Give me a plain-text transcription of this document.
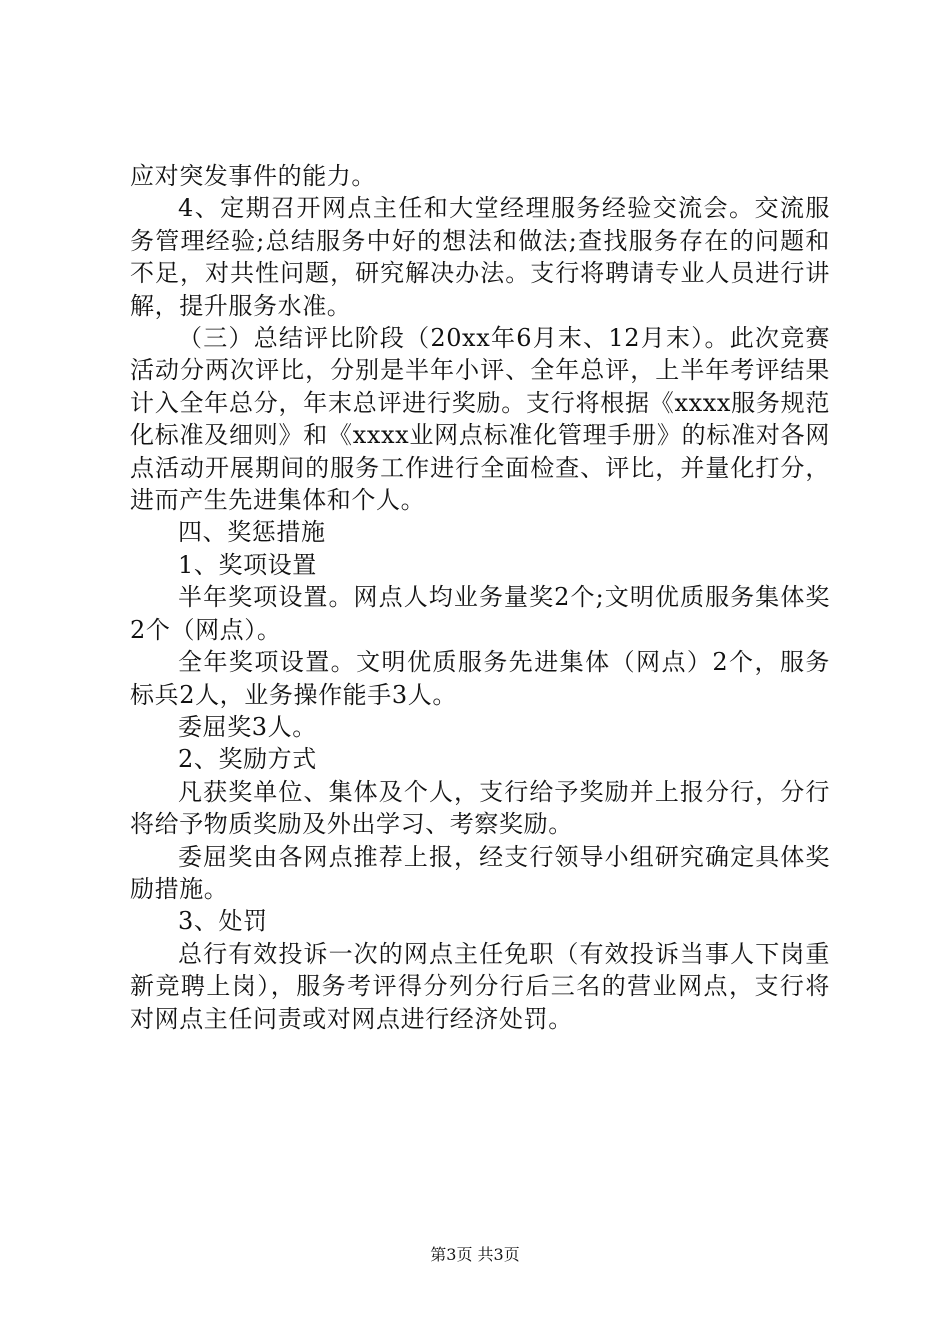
应对突发事件的能力。

4、定期召开网点主任和大堂经理服务经验交流会。交流服务管理经验;总结服务中好的想法和做法;查找服务存在的问题和不足，对共性问题，研究解决办法。支行将聘请专业人员进行讲解，提升服务水准。

（三）总结评比阶段（20xx年6月末、12月末）。此次竞赛活动分两次评比，分别是半年小评、全年总评，上半年考评结果计入全年总分，年末总评进行奖励。支行将根据《xxxx服务规范化标准及细则》和《xxxx业网点标准化管理手册》的标准对各网点活动开展期间的服务工作进行全面检查、评比，并量化打分，进而产生先进集体和个人。

四、奖惩措施

1、奖项设置

半年奖项设置。网点人均业务量奖2个;文明优质服务集体奖2个（网点）。

全年奖项设置。文明优质服务先进集体（网点）2个，服务标兵2人，业务操作能手3人。

委屈奖3人。

2、奖励方式

凡获奖单位、集体及个人，支行给予奖励并上报分行，分行将给予物质奖励及外出学习、考察奖励。

委屈奖由各网点推荐上报，经支行领导小组研究确定具体奖励措施。

3、处罚

总行有效投诉一次的网点主任免职（有效投诉当事人下岗重新竞聘上岗），服务考评得分列分行后三名的营业网点，支行将对网点主任问责或对网点进行经济处罚。

第3页 共3页
